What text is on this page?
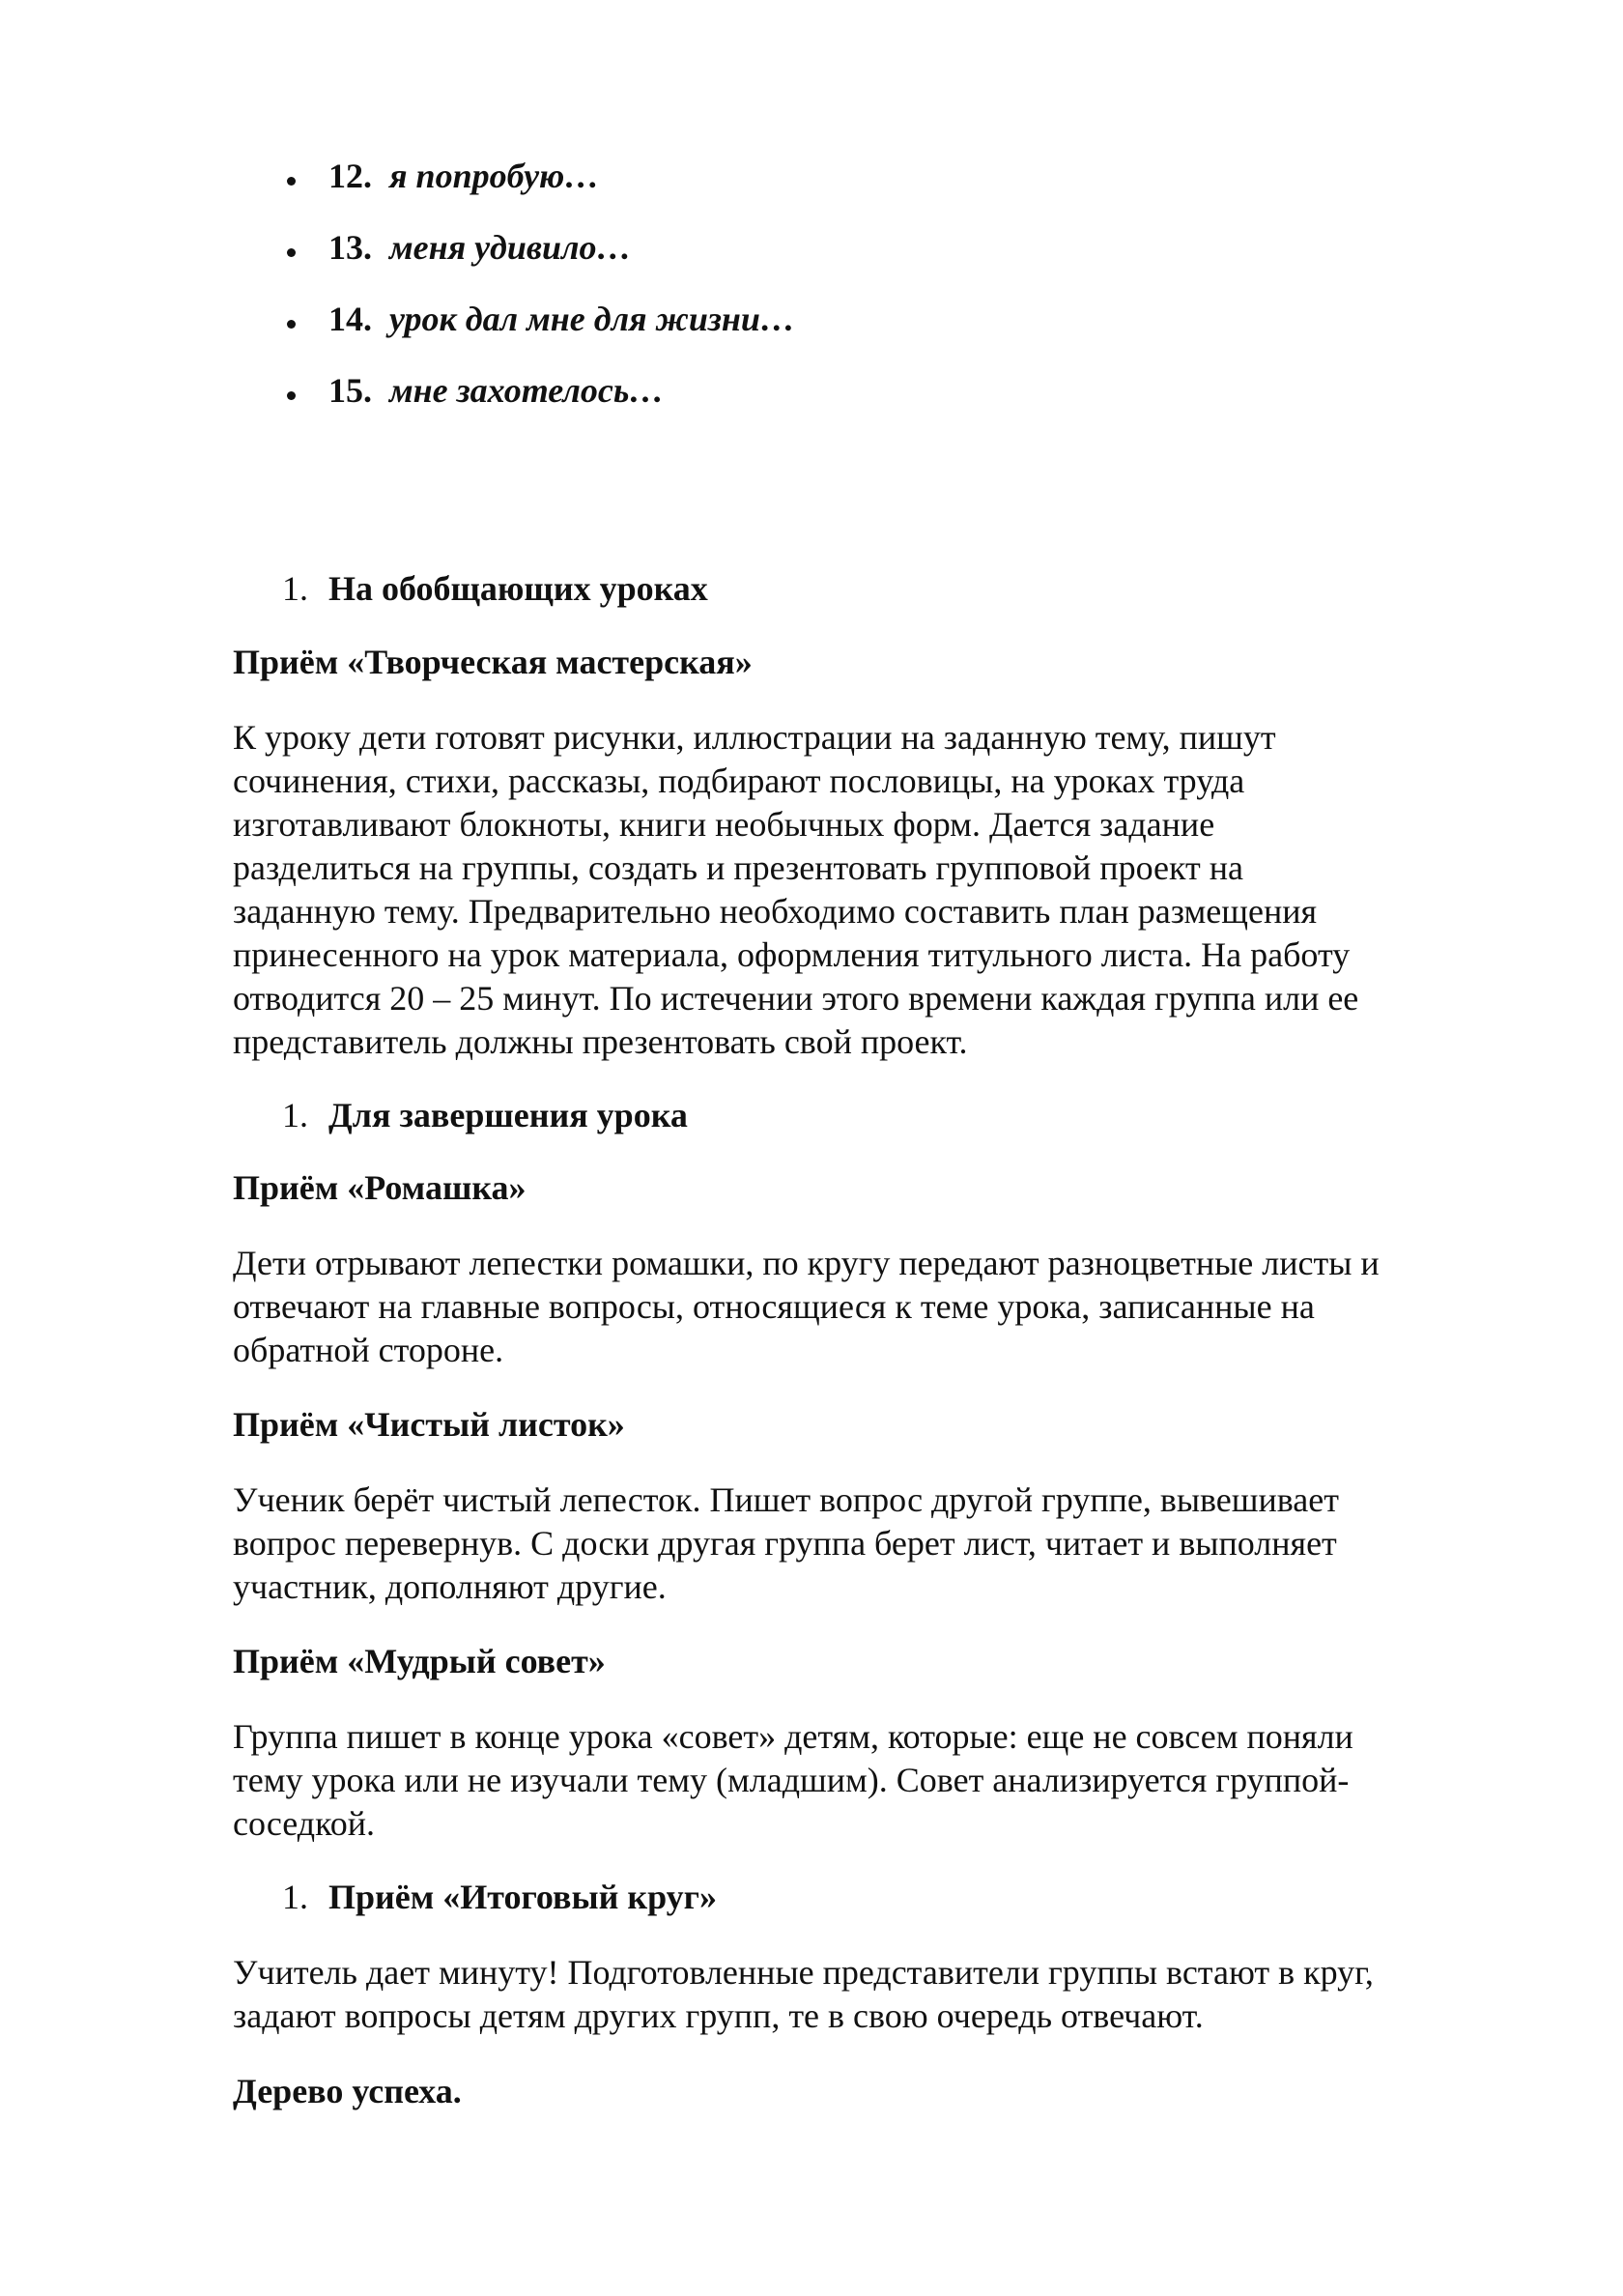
12. я попробую…
13. меня удивило…
14.  урок дал мне для жизни…
15. мне захотелось…
1. На обобщающих уроках
Приём «Творческая мастерская»
К уроку дети готовят рисунки, иллюстрации на заданную тему, пишут
сочинения, стихи, рассказы, подбирают пословицы, на уроках труда
изготавливают блокноты, книги необычных форм. Дается задание
разделиться на группы, создать и презентовать групповой проект на
заданную тему. Предварительно необходимо составить план размещения
принесенного на урок материала, оформления титульного листа. На работу
отводится 20 – 25 минут. По истечении этого времени каждая группа или ее
представитель должны презентовать свой проект.
1. Для завершения урока
Приём «Ромашка»
Дети отрывают лепестки ромашки, по кругу передают разноцветные листы и
отвечают на главные вопросы, относящиеся к теме урока, записанные на
обратной стороне.
Приём «Чистый листок»
Ученик берёт чистый лепесток. Пишет вопрос другой группе, вывешивает
вопрос перевернув. С доски другая группа берет лист, читает и выполняет
участник, дополняют другие.
Приём «Мудрый совет»
Группа пишет в конце урока «совет» детям, которые: еще не совсем поняли
тему урока или не изучали тему (младшим). Совет анализируется группой-
соседкой.
1. Приём «Итоговый круг»
Учитель дает минуту! Подготовленные представители группы встают в круг,
задают вопросы детям других групп, те в свою очередь отвечают.
Дерево успеха.
